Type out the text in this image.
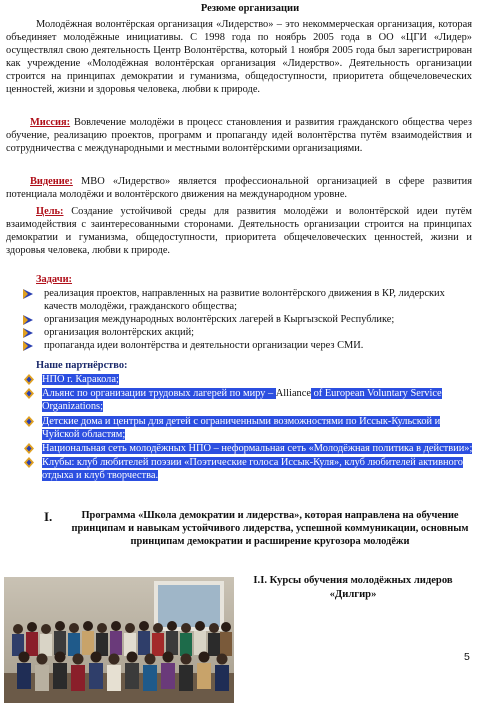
Резюме организации
Молодёжная волонтёрская организация «Лидерство» – это некоммерческая организация, которая объединяет молодёжные инициативы. С 1998 года по ноябрь 2005 года в ОО «ЦГИ «Лидер» осуществлял свою деятельность Центр Волонтёрства, который 1 ноября 2005 года был зарегистрирован как учреждение «Молодёжная волонтёрская организация «Лидерство». Деятельность организации строится на принципах демократии и гуманизма, общедоступности, приоритета общечеловеческих ценностей, жизни и здоровья человека, любви к природе.
Миссия: Вовлечение молодёжи в процесс становления и развития гражданского общества через обучение, реализацию проектов, программ и пропаганду идей волонтёрства путём взаимодействия и сотрудничества с международными и местными волонтёрскими организациями.
Видение: МВО «Лидерство» является профессиональной организацией в сфере развития потенциала молодёжи и волонтёрского движения на международном уровне.
Цель: Создание устойчивой среды для развития молодёжи и волонтёрской идеи путём взаимодействия с заинтересованными сторонами. Деятельность организации строится на принципах демократии и гуманизма, общедоступности, приоритета общечеловеческих ценностей, жизни и здоровья человека, любви к природе.
Задачи:
реализация проектов, направленных на развитие волонтёрского движения в КР, лидерских качеств молодёжи, гражданского общества;
организация международных волонтёрских лагерей в Кыргызской Республике;
организация волонтёрских акций;
пропаганда идеи волонтёрства и деятельности организации через СМИ.
Наше партнёрство:
НПО г. Каракола;
Альянс по организации трудовых лагерей по миру – Alliance of European Voluntary Service Organizations;
Детские дома и центры для детей с ограниченными возможностями по Иссык-Кульской и Чуйской областям;
Национальная сеть молодёжных НПО – неформальная сеть «Молодёжная политика в действии»;
Клубы: клуб любителей поэзии «Поэтические голоса Иссык-Куля», клуб любителей активного отдыха и клуб творчества.
I.	Программа «Школа демократии и лидерства», которая направлена на обучение принципам и навыкам устойчивого лидерства, успешной коммуникации, основным принципам демократии и расширение кругозора молодёжи
I.I. Курсы обучения молодёжных лидеров «Дилгир»
5
